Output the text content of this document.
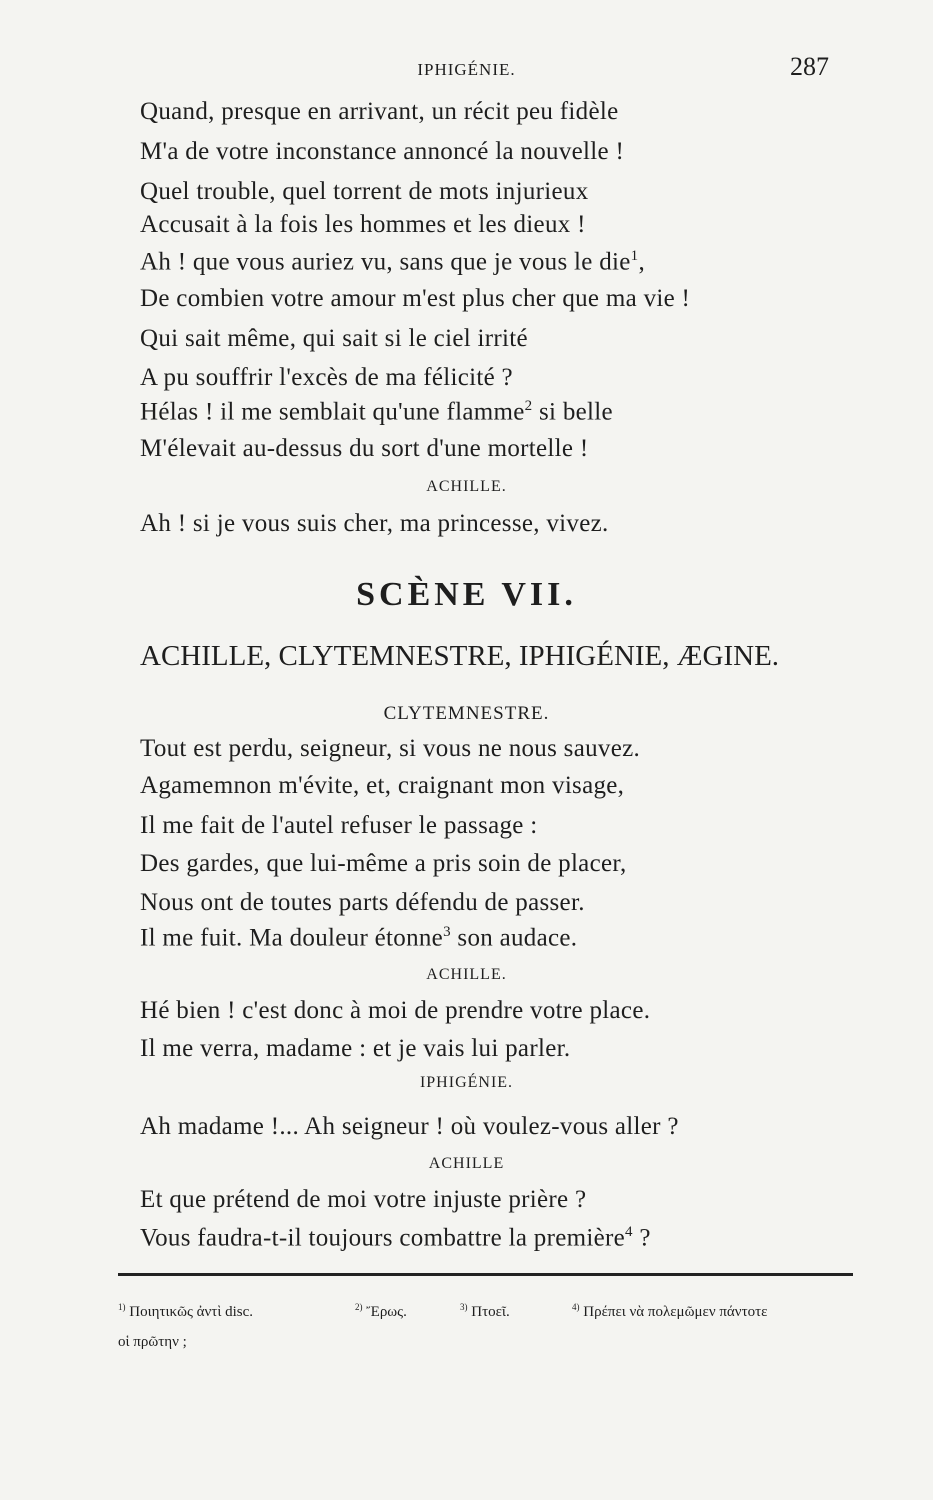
IPHIGÉNIE.	287
Quand, presque en arrivant, un récit peu fidèle
M'a de votre inconstance annoncé la nouvelle !
Quel trouble, quel torrent de mots injurieux
Accusait à la fois les hommes et les dieux !
Ah ! que vous auriez vu, sans que je vous le die$^1$,
De combien votre amour m'est plus cher que ma vie !
Qui sait même, qui sait si le ciel irrité
A pu souffrir l'excès de ma félicité ?
Hélas ! il me semblait qu'une flamme$^2$ si belle
M'élevait au-dessus du sort d'une mortelle !
ACHILLE.
Ah ! si je vous suis cher, ma princesse, vivez.
SCÈNE VII.
ACHILLE, CLYTEMNESTRE, IPHIGÉNIE, ÆGINE.
CLYTEMNESTRE.
Tout est perdu, seigneur, si vous ne nous sauvez.
Agamemnon m'évite, et, craignant mon visage,
Il me fait de l'autel refuser le passage :
Des gardes, que lui-même a pris soin de placer,
Nous ont de toutes parts défendu de passer.
Il me fuit. Ma douleur étonne$^3$ son audace.
ACHILLE.
Hé bien ! c'est donc à moi de prendre votre place.
Il me verra, madame : et je vais lui parler.
IPHIGÉNIE.
Ah madame !... Ah seigneur ! où voulez-vous aller ?
ACHILLE
Et que prétend de moi votre injuste prière ?
Vous faudra-t-il toujours combattre la première$^4$ ?
$^{1)}$ Ποιητικῶς ἀντὶ disc.	$^{2)}$ Ἔρως.	$^{3)}$ Πτοεῖ.	$^{4)}$ Πρέπει νὰ πολεμῶμεν πάντοτε
οἱ πρῶτην ;
